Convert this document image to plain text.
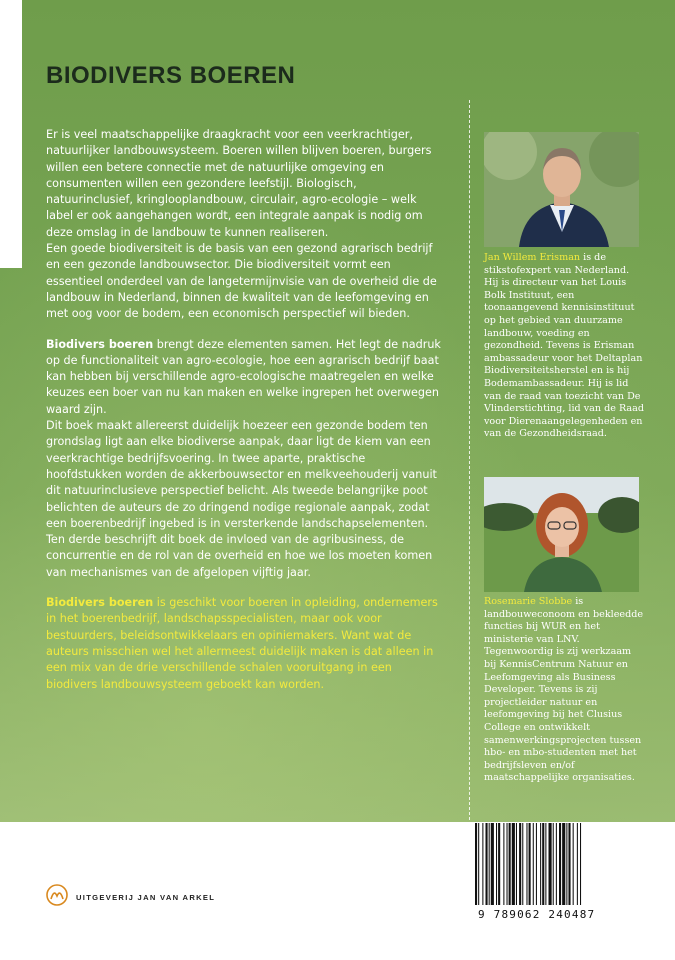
BIODIVERS BOEREN

Er is veel maatschappelijke draagkracht voor een veerkrachtiger, natuurlijker landbouwsysteem. Boeren willen blijven boeren, burgers willen een betere connectie met de natuurlijke omgeving en consumenten willen een gezondere leefstijl. Biologisch, natuurinclusief, kringlooplandbouw, circulair, agro-ecologie – welk label er ook aangehangen wordt, een integrale aanpak is nodig om deze omslag in de landbouw te kunnen realiseren.

Een goede biodiversiteit is de basis van een gezond agrarisch bedrijf en een gezonde landbouwsector. Die biodiversiteit vormt een essentieel onderdeel van de langetermijnvisie van de overheid die de landbouw in Nederland, binnen de kwaliteit van de leefomgeving en met oog voor de bodem, een economisch perspectief wil bieden.

Biodivers boeren brengt deze elementen samen. Het legt de nadruk op de functionaliteit van agro-ecologie, hoe een agrarisch bedrijf baat kan hebben bij verschillende agro-ecologische maatregelen en welke keuzes een boer van nu kan maken en welke ingrepen het overwegen waard zijn.

Dit boek maakt allereerst duidelijk hoezeer een gezonde bodem ten grondslag ligt aan elke biodiverse aanpak, daar ligt de kiem van een veerkrachtige bedrijfsvoering. In twee aparte, praktische hoofdstukken worden de akkerbouwsector en melkveehouderij vanuit dit natuurinclusieve perspectief belicht. Als tweede belangrijke poot belichten de auteurs de zo dringend nodige regionale aanpak, zodat een boerenbedrijf ingebed is in versterkende landschapselementen.

Ten derde beschrijft dit boek de invloed van de agribusiness, de concurrentie en de rol van de overheid en hoe we los moeten komen van mechanismes van de afgelopen vijftig jaar.

Biodivers boeren is geschikt voor boeren in opleiding, ondernemers in het boerenbedrijf, landschapsspecialisten, maar ook voor bestuurders, beleidsontwikkelaars en opiniemakers. Want wat de auteurs misschien wel het allermeest duidelijk maken is dat alleen in een mix van de drie verschillende schalen vooruitgang in een biodivers landbouwsysteem geboekt kan worden.

Jan Willem Erisman is de stikstofexpert van Nederland. Hij is directeur van het Louis Bolk Instituut, een toonaangevend kennisinstituut op het gebied van duurzame landbouw, voeding en gezondheid. Tevens is Erisman ambassadeur voor het Deltaplan Biodiversiteitsherstel en is hij Bodemambassadeur. Hij is lid van de raad van toezicht van De Vlinderstichting, lid van de Raad voor Dierenaangelegenheden en van de Gezondheidsraad.
Rosemarie Slobbe is landbouweconoom en bekleedde functies bij WUR en het ministerie van LNV. Tegenwoordig is zij werkzaam bij KennisCentrum Natuur en Leefomgeving als Business Developer. Tevens is zij projectleider natuur en leefomgeving bij het Clusius College en ontwikkelt samenwerkingsprojecten tussen hbo- en mbo-studenten met het bedrijfsleven en/of maatschappelijke organisaties.
9 789062 240487
UITGEVERIJ JAN VAN ARKEL
